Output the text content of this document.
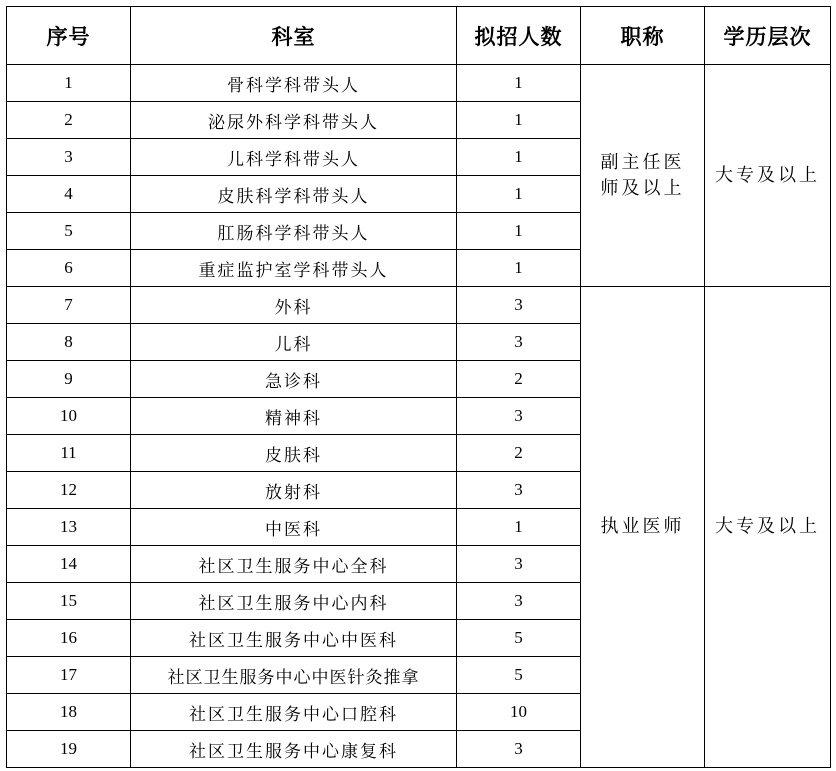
序号	科室	拟招人数	职称	学历层次
1	骨科学科带头人	1	副主任医师及以上	大专及以上
2	泌尿外科学科带头人	1		
3	儿科学科带头人	1		
4	皮肤科学科带头人	1		
5	肛肠科学科带头人	1		
6	重症监护室学科带头人	1		
7	外科	3	执业医师	大专及以上
8	儿科	3		
9	急诊科	2		
10	精神科	3		
11	皮肤科	2		
12	放射科	3		
13	中医科	1		
14	社区卫生服务中心全科	3		
15	社区卫生服务中心内科	3		
16	社区卫生服务中心中医科	5		
17	社区卫生服务中心中医针灸推拿	5		
18	社区卫生服务中心口腔科	10		
19	社区卫生服务中心康复科	3		
